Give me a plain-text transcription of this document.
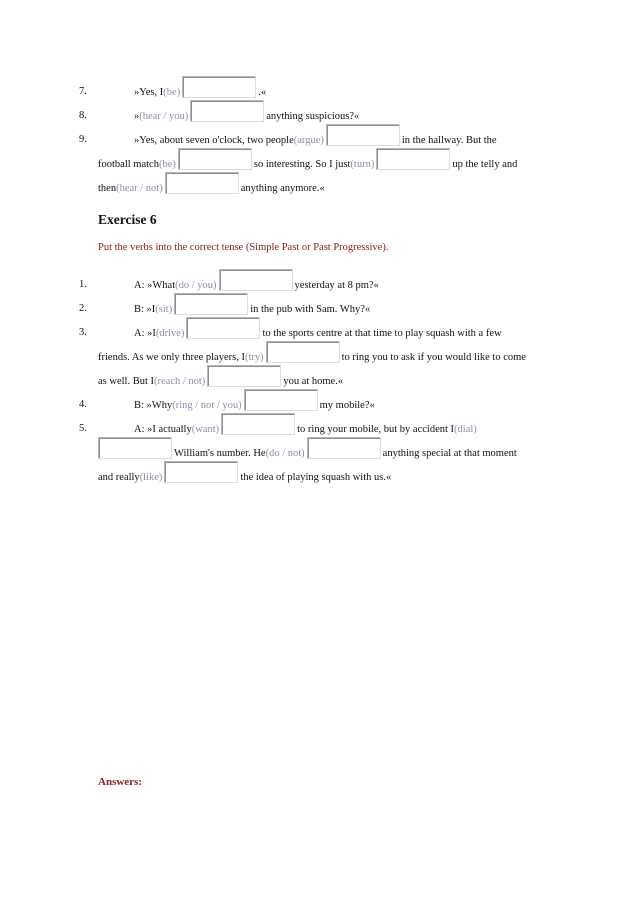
7.	»Yes, I (be)	.«
8.	» (hear / you)	anything suspicious?«
9.	»Yes, about seven o'clock, two people (argue)	in the hallway. But the
football match (be)	so interesting. So I just (turn)	up the telly and
then (hear / not)	anything anymore.«
Exercise 6
Put the verbs into the correct tense (Simple Past or Past Progressive).
1.	A: »What (do / you)	yesterday at 8 pm?«
2.	B: »I (sit)	in the pub with Sam. Why?«
3.	A: »I (drive)	to the sports centre at that time to play squash with a few
friends. As we only three players, I (try)	to ring you to ask if you would like to come
as well. But I (reach / not)	you at home.«
4.	B: »Why (ring / not / you)	my mobile?«
5.	A: »I actually (want)	to ring your mobile, but by accident I (dial)
William's number. He (do / not)	anything special at that moment
and really (like)	the idea of playing squash with us.«
Answers:
